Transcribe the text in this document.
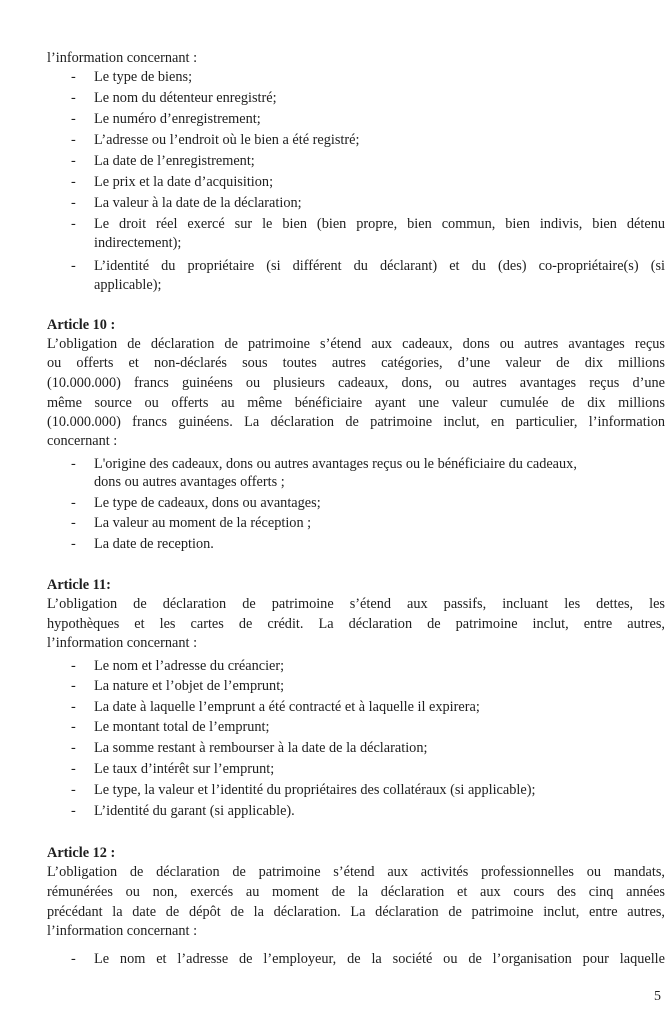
l’information concernant :
- Le type de biens;
- Le nom du détenteur enregistré;
- Le numéro d’enregistrement;
- L’adresse ou l’endroit où le bien a été registré;
- La date de l’enregistrement;
- Le prix et la date d’acquisition;
- La valeur à la date de la déclaration;
- Le droit réel exercé sur le bien (bien propre, bien commun, bien indivis, bien détenu
indirectement);
- L’identité du propriétaire (si différent du déclarant) et du (des) co-propriétaire(s) (si
applicable);
Article 10 :
L’obligation de déclaration de patrimoine s’étend aux cadeaux, dons ou autres avantages reçus
ou offerts et non-déclarés sous toutes autres catégories, d’une valeur de dix millions
(10.000.000) francs guinéens ou plusieurs cadeaux, dons, ou autres avantages reçus d’une
même source ou offerts au même bénéficiaire ayant une valeur cumulée de dix millions
(10.000.000) francs guinéens. La déclaration de patrimoine inclut, en particulier, l’information
concernant :
- L'origine des cadeaux, dons ou autres avantages reçus ou le bénéficiaire du cadeaux,
dons ou autres avantages offerts ;
- Le type de cadeaux, dons ou avantages;
- La valeur au moment de la réception ;
- La date de reception.
Article 11:
L’obligation de déclaration de patrimoine s’étend aux passifs, incluant les dettes, les
hypothèques et les cartes de crédit. La déclaration de patrimoine inclut, entre autres,
l’information concernant :
- Le nom et l’adresse du créancier;
- La nature et l’objet de l’emprunt;
- La date à laquelle l’emprunt a été contracté et à laquelle il expirera;
- Le montant total de l’emprunt;
- La somme restant à rembourser à la date de la déclaration;
- Le taux d’intérêt sur l’emprunt;
- Le type, la valeur et l’identité du propriétaires des collatéraux (si applicable);
- L’identité du garant (si applicable).
Article 12 :
L’obligation de déclaration de patrimoine s’étend aux activités professionnelles ou mandats,
rémunérées ou non, exercés au moment de la déclaration et aux cours des cinq années
précédant la date de dépôt de la déclaration. La déclaration de patrimoine inclut, entre autres,
l’information concernant :
- Le nom et l’adresse de l’employeur, de la société ou de l’organisation pour laquelle
5
